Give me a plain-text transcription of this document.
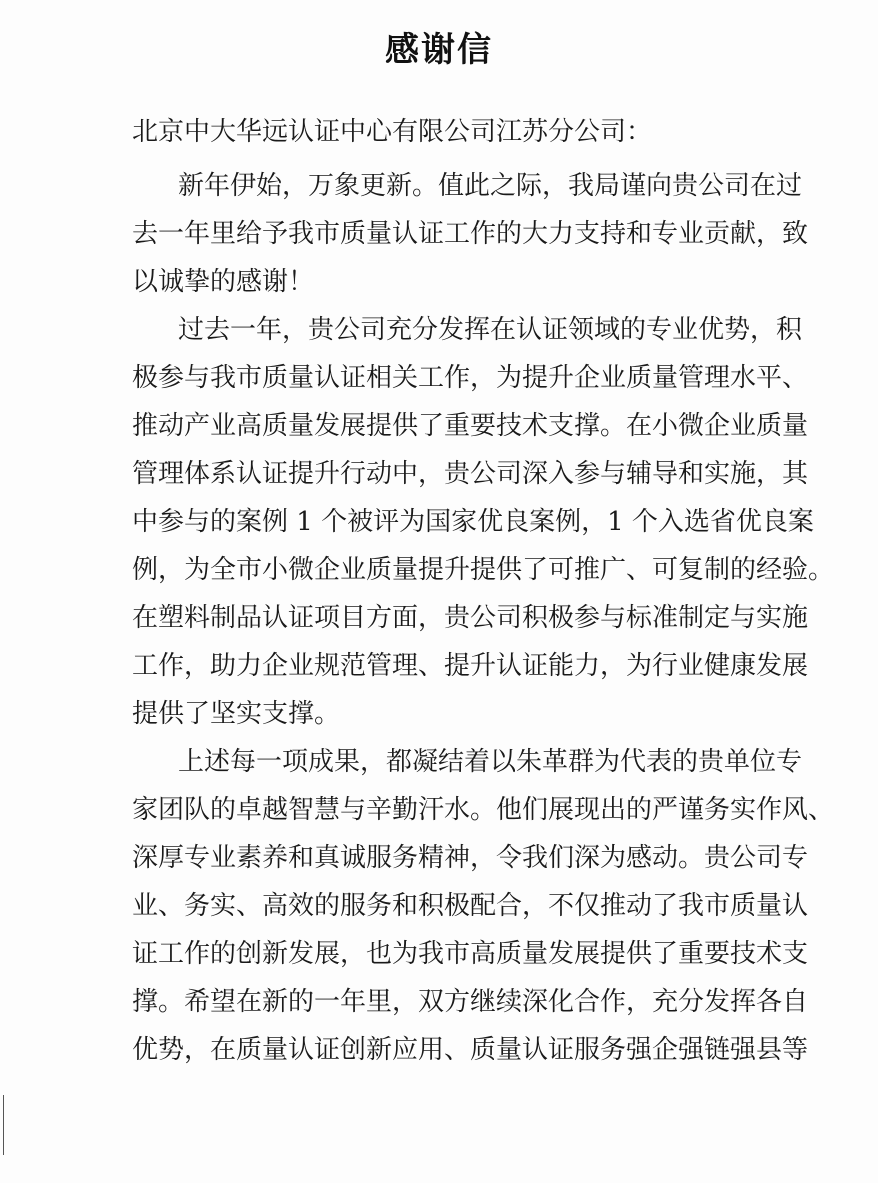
感谢信
北京中大华远认证中心有限公司江苏分公司：
新年伊始，万象更新。值此之际，我局谨向贵公司在过
去一年里给予我市质量认证工作的大力支持和专业贡献，致
以诚挚的感谢！
过去一年，贵公司充分发挥在认证领域的专业优势，积
极参与我市质量认证相关工作，为提升企业质量管理水平、
推动产业高质量发展提供了重要技术支撑。在小微企业质量
管理体系认证提升行动中，贵公司深入参与辅导和实施，其
中参与的案例 1 个被评为国家优良案例，1 个入选省优良案
例，为全市小微企业质量提升提供了可推广、可复制的经验。
在塑料制品认证项目方面，贵公司积极参与标准制定与实施
工作，助力企业规范管理、提升认证能力，为行业健康发展
提供了坚实支撑。
上述每一项成果，都凝结着以朱革群为代表的贵单位专
家团队的卓越智慧与辛勤汗水。他们展现出的严谨务实作风、
深厚专业素养和真诚服务精神，令我们深为感动。贵公司专
业、务实、高效的服务和积极配合，不仅推动了我市质量认
证工作的创新发展，也为我市高质量发展提供了重要技术支
撑。希望在新的一年里，双方继续深化合作，充分发挥各自
优势，在质量认证创新应用、质量认证服务强企强链强县等
